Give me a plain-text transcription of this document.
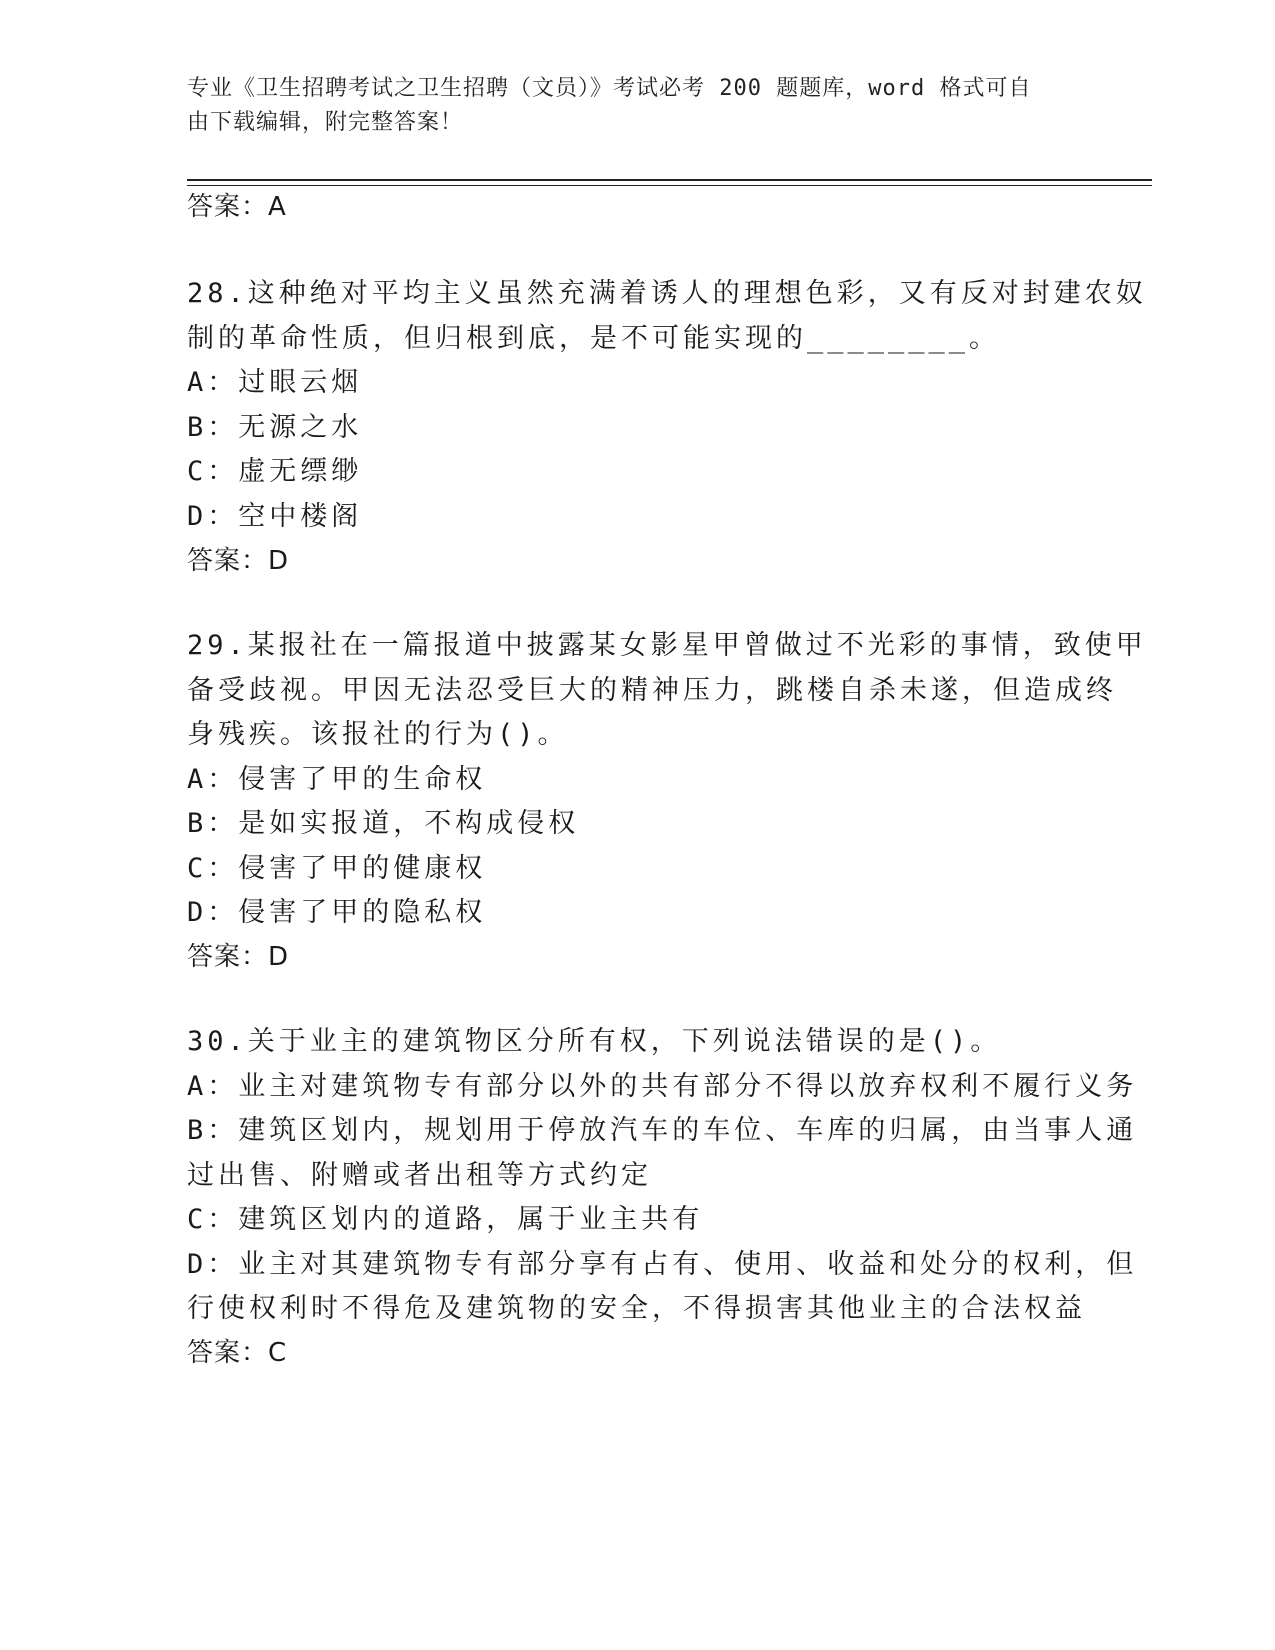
专业《卫生招聘考试之卫生招聘（文员）》考试必考 200 题题库，word 格式可自
由下载编辑，附完整答案！
答案：A
28.这种绝对平均主义虽然充满着诱人的理想色彩，又有反对封建农奴
制的革命性质，但归根到底，是不可能实现的________。
A：过眼云烟
B：无源之水
C：虚无缥缈
D：空中楼阁
答案：D
29.某报社在一篇报道中披露某女影星甲曾做过不光彩的事情，致使甲
备受歧视。甲因无法忍受巨大的精神压力，跳楼自杀未遂，但造成终
身残疾。该报社的行为()。
A：侵害了甲的生命权
B：是如实报道，不构成侵权
C：侵害了甲的健康权
D：侵害了甲的隐私权
答案：D
30.关于业主的建筑物区分所有权，下列说法错误的是()。
A：业主对建筑物专有部分以外的共有部分不得以放弃权利不履行义务
B：建筑区划内，规划用于停放汽车的车位、车库的归属，由当事人通
过出售、附赠或者出租等方式约定
C：建筑区划内的道路，属于业主共有
D：业主对其建筑物专有部分享有占有、使用、收益和处分的权利，但
行使权利时不得危及建筑物的安全，不得损害其他业主的合法权益
答案：C
